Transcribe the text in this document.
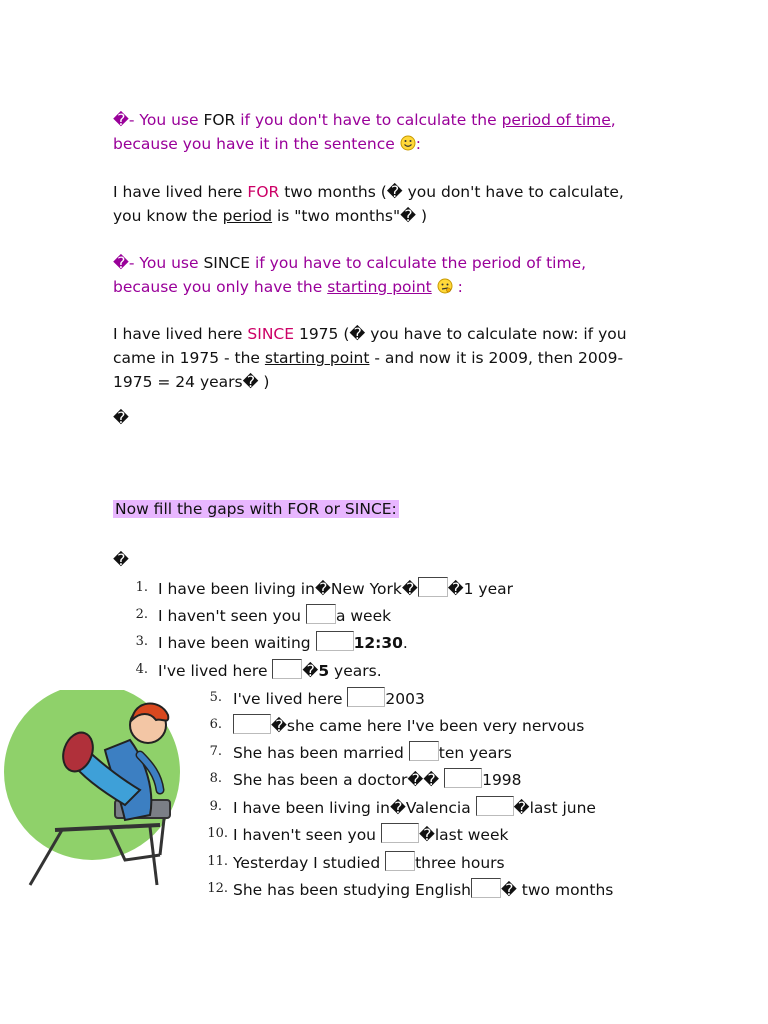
�- You use FOR if you don't have to calculate the period of time,
because you have it in the sentence :
I have lived here FOR two months (� you don't have to calculate,
you know the period is "two months"� )
�- You use SINCE if you have to calculate the period of time,
because you only have the starting point  :
I have lived here SINCE 1975 (� you have to calculate now: if you
came in 1975 - the starting point - and now it is 2009, then 2009-
1975 = 24 years� )
�
Now fill the gaps with FOR or SINCE:
�
1. I have been living in�New York� �1 year
2. I haven't seen you a week
3. I have been waiting 12:30.
4. I've lived here �5 years.
5. I've lived here 2003
6.	�she came here I've been very nervous
7. She has been married ten years
8. She has been a doctor��	1998
9. I have been living in�Valencia �last june
10. I haven't seen you �last week
11. Yesterday I studied three hours
12. She has been studying English � two months
